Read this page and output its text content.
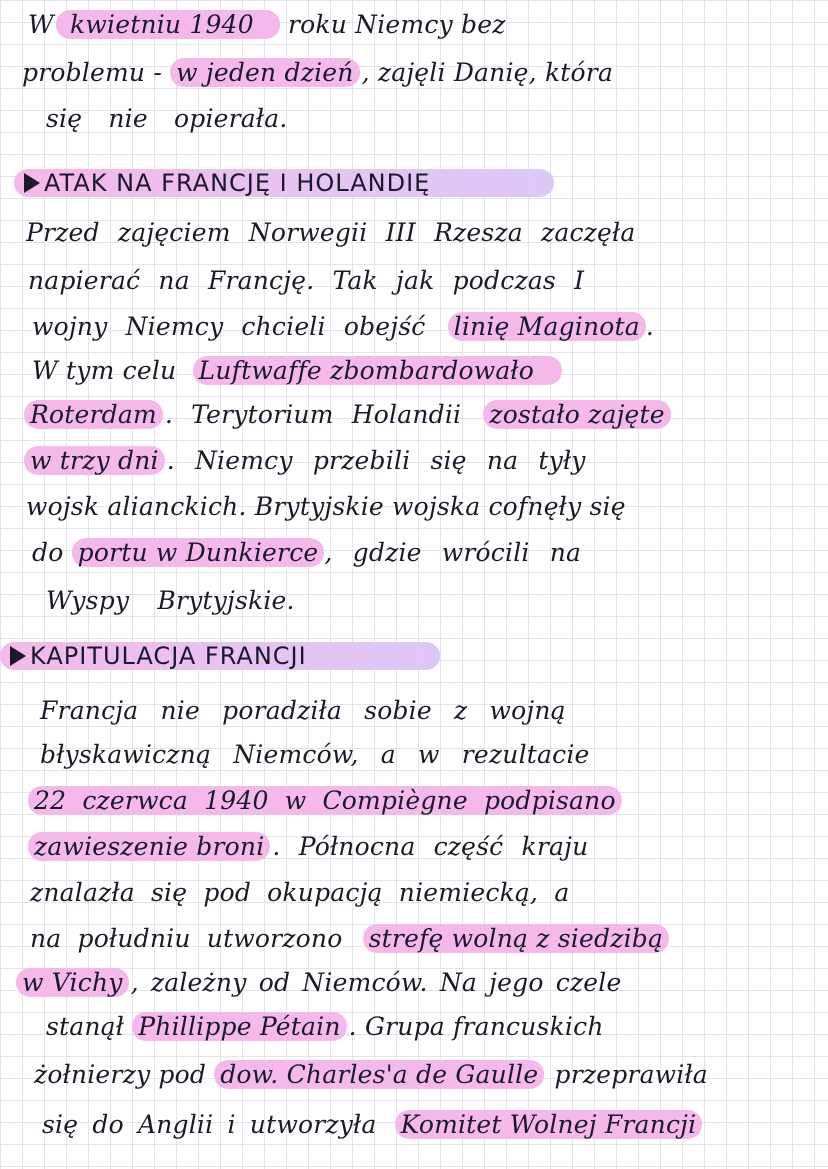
W kwietniu 1940 roku Niemcy bez
problemu - w jeden dzień , zajęli Danię, która
się nie opierała.
ATAK NA FRANCJĘ I HOLANDIĘ
Przed zajęciem Norwegii III Rzesza zaczęła
napierać na Francję. Tak jak podczas I
wojny Niemcy chcieli obejść linię Maginota .
W tym celu Luftwaffe zbombardowało
Roterdam . Terytorium Holandii zostało zajęte
w trzy dni . Niemcy przebili się na tyły
wojsk alianckich. Brytyjskie wojska cofnęły się
do portu w Dunkierce , gdzie wrócili na
Wyspy Brytyjskie.
KAPITULACJA FRANCJI
Francja nie poradziła sobie z wojną
błyskawiczną Niemców, a w rezultacie
22 czerwca 1940 w Compiègne podpisano
zawieszenie broni . Północna część kraju
znalazła się pod okupacją niemiecką, a
na południu utworzono strefę wolną z siedzibą
w Vichy , zależny od Niemców. Na jego czele
stanął Phillippe Pétain . Grupa francuskich
żołnierzy pod dow. Charles'a de Gaulle przeprawiła
się do Anglii i utworzyła Komitet Wolnej Francji
